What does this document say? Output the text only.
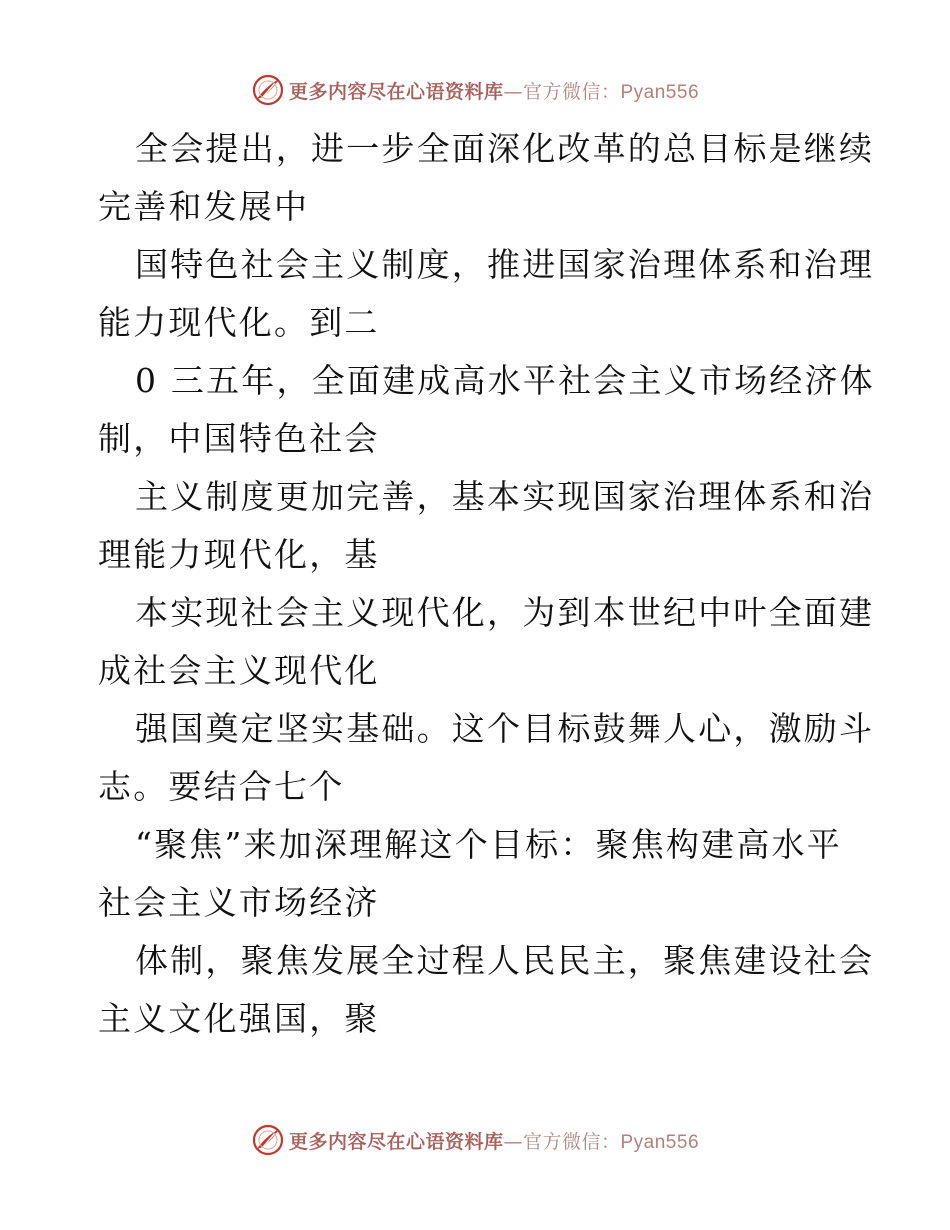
更多内容尽在心语资料库—官方微信：Pyan556

全会提出，进一步全面深化改革的总目标是继续
完善和发展中

国特色社会主义制度，推进国家治理体系和治理
能力现代化。到二

0 三五年，全面建成高水平社会主义市场经济体
制，中国特色社会

主义制度更加完善，基本实现国家治理体系和治
理能力现代化，基

本实现社会主义现代化，为到本世纪中叶全面建
成社会主义现代化

强国奠定坚实基础。这个目标鼓舞人心，激励斗
志。要结合七个

“聚焦”来加深理解这个目标：聚焦构建高水平
社会主义市场经济

体制，聚焦发展全过程人民民主，聚焦建设社会
主义文化强国，聚

更多内容尽在心语资料库—官方微信：Pyan556
